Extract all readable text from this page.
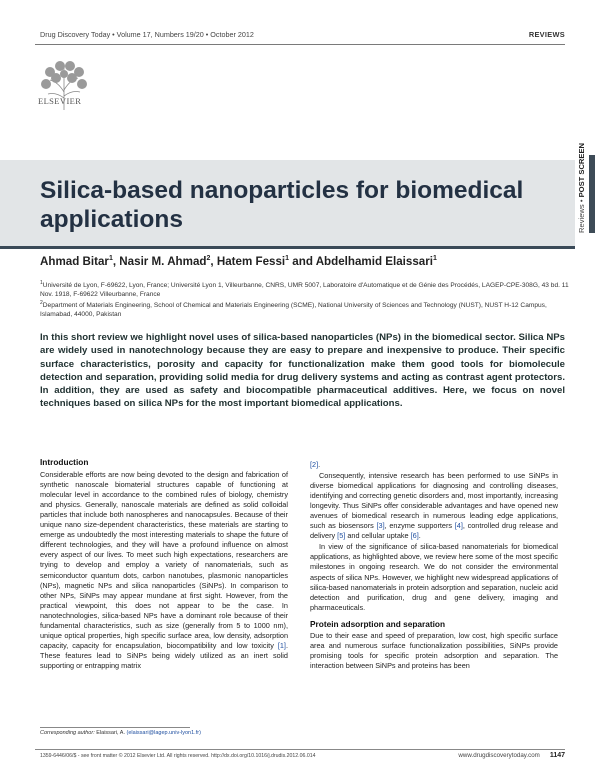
Drug Discovery Today • Volume 17, Numbers 19/20 • October 2012	REVIEWS
ELSEVIER
Reviews • POST SCREEN
Silica-based nanoparticles for biomedical applications
Ahmad Bitar$^1$, Nasir M. Ahmad$^2$, Hatem Fessi$^1$ and Abdelhamid Elaissari$^1$
$^1$Université de Lyon, F-69622, Lyon, France; Université Lyon 1, Villeurbanne, CNRS, UMR 5007, Laboratoire d'Automatique et de Génie des Procédés, LAGEP-CPE-308G, 43 bd. 11 Nov. 1918, F-69622 Villeurbanne, France
$^2$Department of Materials Engineering, School of Chemical and Materials Engineering (SCME), National University of Sciences and Technology (NUST), NUST H-12 Campus, Islamabad, 44000, Pakistan
In this short review we highlight novel uses of silica-based nanoparticles (NPs) in the biomedical sector. Silica NPs are widely used in nanotechnology because they are easy to prepare and inexpensive to produce. Their specific surface characteristics, porosity and capacity for functionalization make them good tools for biomolecule detection and separation, providing solid media for drug delivery systems and acting as contrast agent protectors. In addition, they are used as safety and biocompatible pharmaceutical additives. Here, we focus on novel techniques based on silica NPs for the most important biomedical applications.
Introduction

Considerable efforts are now being devoted to the design and fabrication of synthetic nanoscale biomaterial structures capable of functioning at molecular level in accordance to the combined rules of biology, chemistry and physics. Generally, nanoscale materials are defined as solid colloidal particles that include both nanospheres and nanocapsules. Because of their unique nano size-dependent characteristics, these materials are starting to emerge as undoubtedly the most interesting materials to shape the future of different technologies, and they will have a profound influence on almost every aspect of our lives. To meet such high expectations, researchers are trying to develop and employ a variety of nanomaterials, such as semiconductor quantum dots, carbon nanotubes, plasmonic nanoparticles (NPs), magnetic NPs and silica nanoparticles (SiNPs). In comparison to other NPs, SiNPs may appear mundane at first sight. However, from the practical viewpoint, this does not appear to be the case. In nanotechnologies, silica-based NPs have a dominant role because of their fundamental characteristics, such as size (generally from 5 to 1000 nm), unique optical properties, high specific surface area, low density, adsorption capacity, capacity for encapsulation, biocompatibility and low toxicity [1]. These features lead to SiNPs being widely utilized as an inert solid supporting or entrapping matrix

[2].

Consequently, intensive research has been performed to use SiNPs in diverse biomedical applications for diagnosing and controlling diseases, identifying and correcting genetic disorders and, most importantly, increasing longevity. Thus SiNPs offer considerable advantages and have opened new avenues of biomedical research in numerous leading edge applications, such as biosensors [3], enzyme supporters [4], controlled drug release and delivery [5] and cellular uptake [6].

In view of the significance of silica-based nanomaterials for biomedical applications, as highlighted above, we review here some of the most specific milestones in ongoing research. We do not consider the environmental aspects of silica NPs. However, we highlight new widespread applications of silica-based nanomaterials in protein adsorption and separation, nucleic acid detection and purification, drug and gene delivery, imaging and pharmaceuticals.

Protein adsorption and separation

Due to their ease and speed of preparation, low cost, high specific surface area and numerous surface functionalization possibilities, SiNPs provide promising tools for specific protein adsorption and separation. The interaction between SiNPs and proteins has been

Corresponding author: Elaissari, A. (elaissari@lagep.univ-lyon1.fr)
1359-6446/06/$ - see front matter © 2012 Elsevier Ltd. All rights reserved. http://dx.doi.org/10.1016/j.drudis.2012.06.014	www.drugdiscoverytoday.com 1147
